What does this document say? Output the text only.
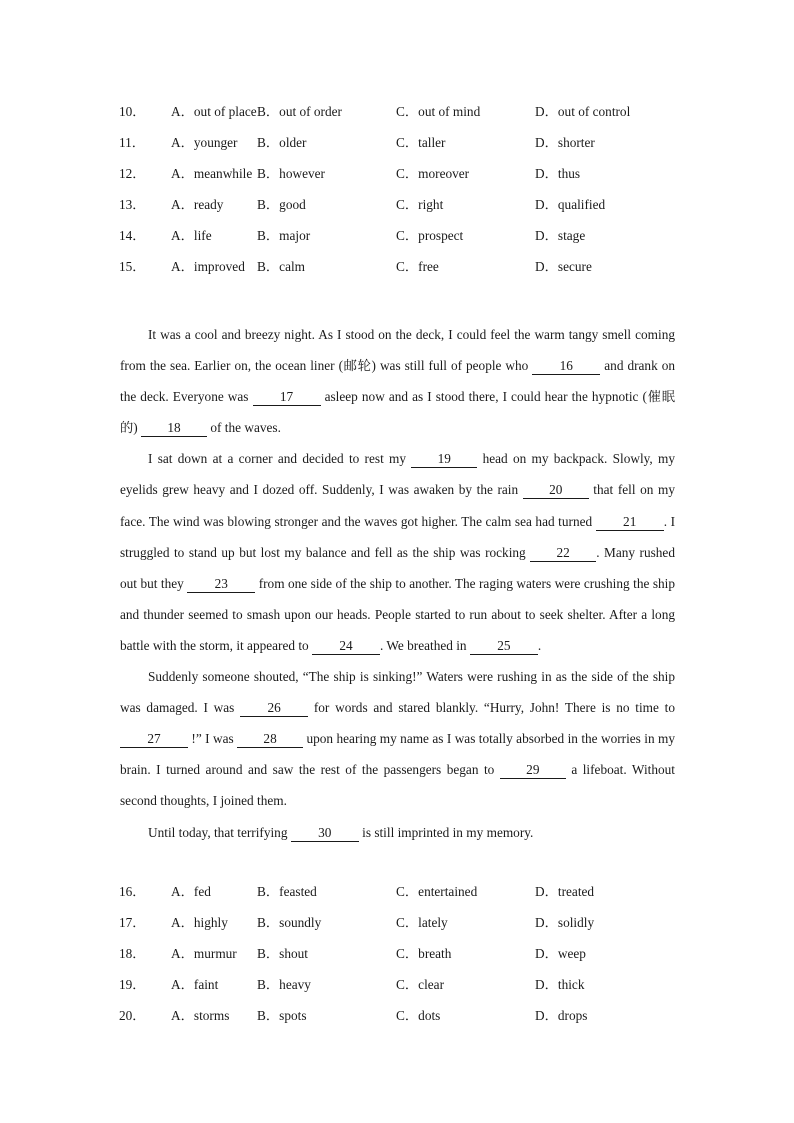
10． A．out of place B．out of order	C．out of mind	D．out of control
11． A．younger B．older	C．taller	D．shorter
12． A．meanwhile B．however	C．moreover	D．thus
13． A．ready	B．good	C．right	D．qualified
14． A．life	B．major	C．prospect	D．stage
15． A．improved B．calm	C．free	D．secure

It was a cool and breezy night. As I stood on the deck, I could feel the warm tangy smell coming from the sea. Earlier on, the ocean liner (邮轮) was still full of people who 16 and drank on the deck. Everyone was 17 asleep now and as I stood there, I could hear the hypnotic (催眠的) 18 of the waves.

I sat down at a corner and decided to rest my 19 head on my backpack. Slowly, my eyelids grew heavy and I dozed off. Suddenly, I was awaken by the rain 20 that fell on my face. The wind was blowing stronger and the waves got higher. The calm sea had turned 21 . I struggled to stand up but lost my balance and fell as the ship was rocking 22 . Many rushed out but they 23 from one side of the ship to another. The raging waters were crushing the ship and thunder seemed to smash upon our heads. People started to run about to seek shelter. After a long battle with the storm, it appeared to 24 . We breathed in 25 .

Suddenly someone shouted, “The ship is sinking!” Waters were rushing in as the side of the ship was damaged. I was 26 for words and stared blankly. “Hurry, John! There is no time to 27 !” I was 28 upon hearing my name as I was totally absorbed in the worries in my brain. I turned around and saw the rest of the passengers began to 29 a lifeboat. Without second thoughts, I joined them.

Until today, that terrifying 30 is still imprinted in my memory.

16． A．fed	B．feasted	C．entertained	D．treated
17． A．highly B．soundly	C．lately	D．solidly
18． A．murmur B．shout	C．breath	D．weep
19． A．faint	B．heavy	C．clear	D．thick
20． A．storms B．spots	C．dots	D．drops
